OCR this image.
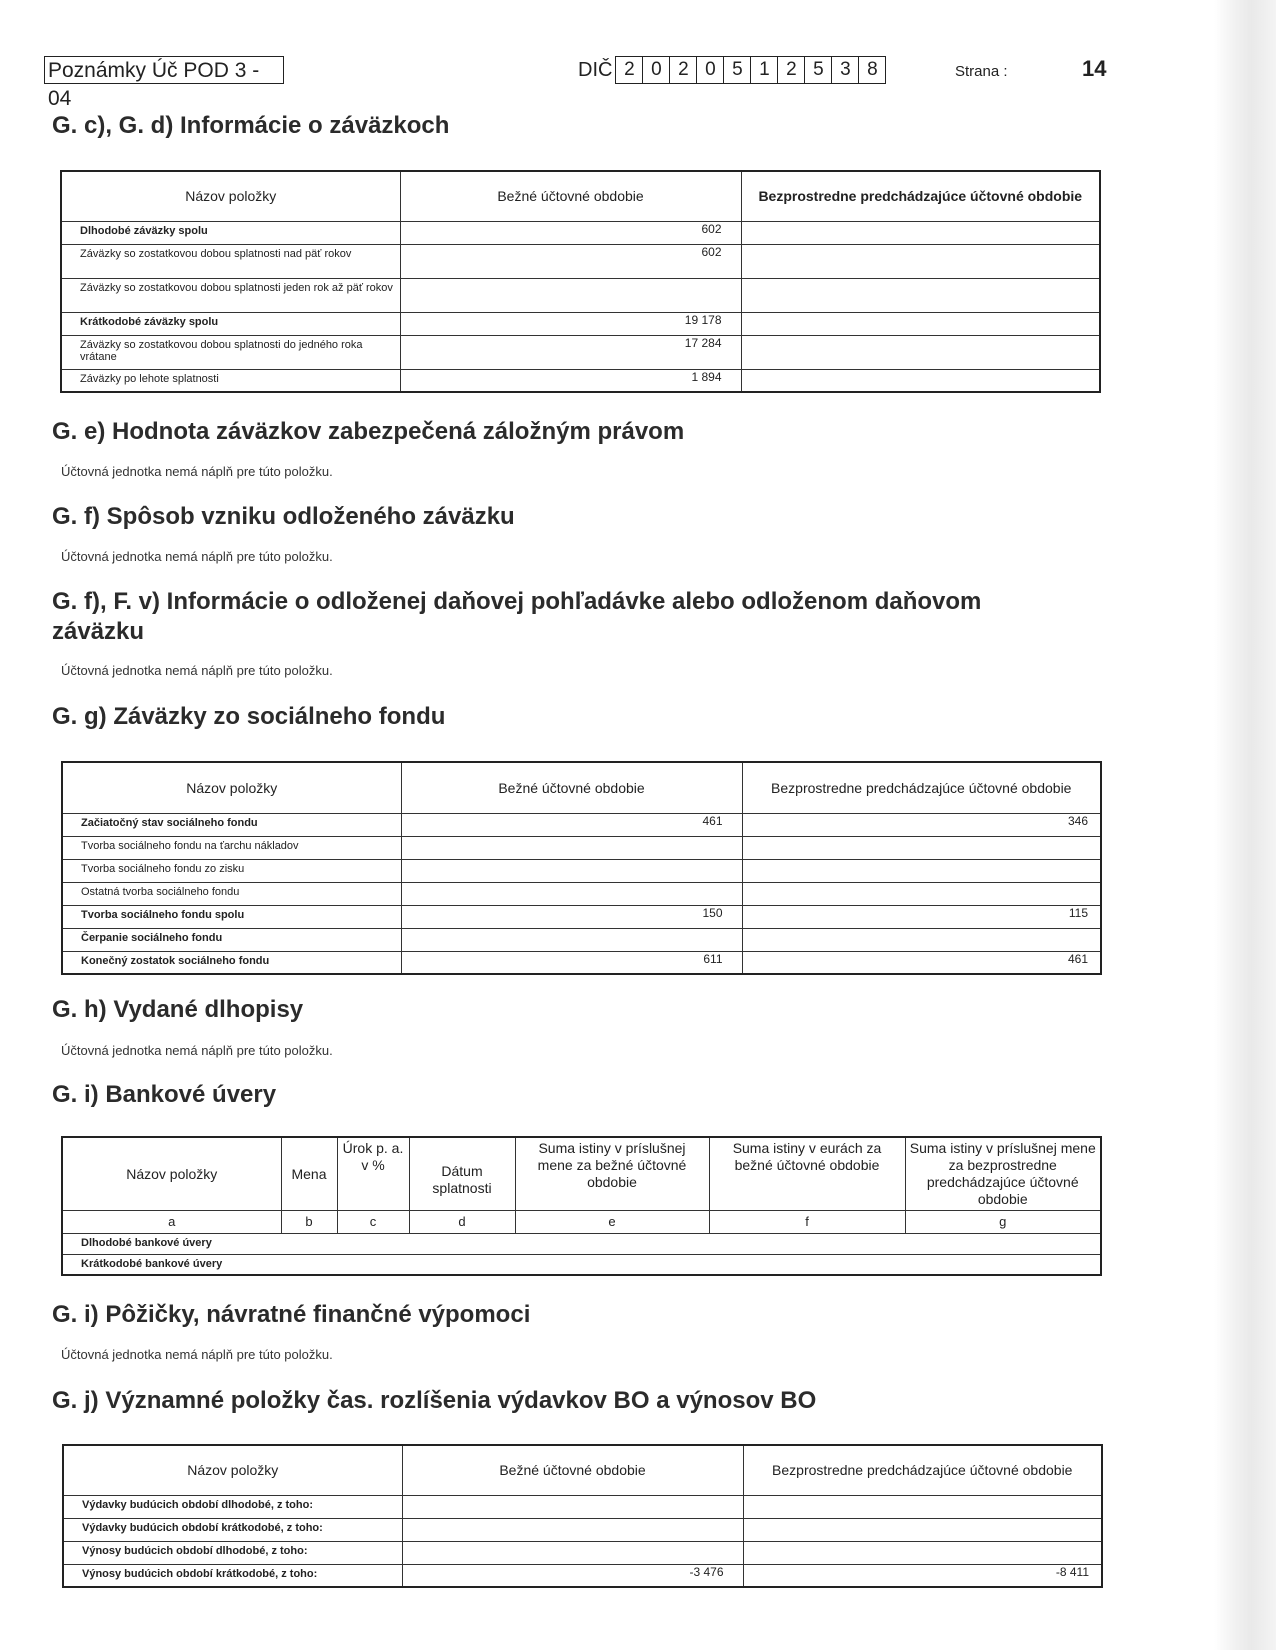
Poznámky Úč POD 3 - 04
DIČ 2 0 2 0 5 1 2 5 3 8	Strana :	14
G. c), G. d) Informácie o záväzkoch
Názov položky	Bežné účtovné obdobie	Bezprostredne predchádzajúce účtovné obdobie
Dlhodobé záväzky spolu	602	
Záväzky so zostatkovou dobou splatnosti nad päť rokov	602	
Záväzky so zostatkovou dobou splatnosti jeden rok až päť rokov		
Krátkodobé záväzky spolu	19 178	
Záväzky so zostatkovou dobou splatnosti do jedného roka vrátane	17 284	
Záväzky po lehote splatnosti	1 894	
G. e) Hodnota záväzkov zabezpečená záložným právom
Účtovná jednotka nemá náplň pre túto položku.
G. f) Spôsob vzniku odloženého záväzku
Účtovná jednotka nemá náplň pre túto položku.
G. f), F. v) Informácie o odloženej daňovej pohľadávke alebo odloženom daňovom
záväzku
Účtovná jednotka nemá náplň pre túto položku.
G. g) Záväzky zo sociálneho fondu
Názov položky	Bežné účtovné obdobie	Bezprostredne predchádzajúce účtovné obdobie
Začiatočný stav sociálneho fondu	461	346
Tvorba sociálneho fondu na ťarchu nákladov		
Tvorba sociálneho fondu zo zisku		
Ostatná tvorba sociálneho fondu		
Tvorba sociálneho fondu spolu	150	115
Čerpanie sociálneho fondu		
Konečný zostatok sociálneho fondu	611	461
G. h) Vydané dlhopisy
Účtovná jednotka nemá náplň pre túto položku.
G. i) Bankové úvery
Názov položky	Mena	Úrok p. a. v %	Dátum splatnosti	Suma istiny v príslušnej mene za bežné účtovné obdobie	Suma istiny v eurách za bežné účtovné obdobie	Suma istiny v príslušnej mene za bezprostredne predchádzajúce účtovné obdobie
a	b	c	d	e	f	g
Dlhodobé bankové úvery						
Krátkodobé bankové úvery						
G. i) Pôžičky, návratné finančné výpomoci
Účtovná jednotka nemá náplň pre túto položku.
G. j) Významné položky čas. rozlíšenia výdavkov BO a výnosov BO
Názov položky	Bežné účtovné obdobie	Bezprostredne predchádzajúce účtovné obdobie
Výdavky budúcich období dlhodobé, z toho:		
Výdavky budúcich období krátkodobé, z toho:		
Výnosy budúcich období dlhodobé, z toho:		
Výnosy budúcich období krátkodobé, z toho:	-3 476	-8 411
